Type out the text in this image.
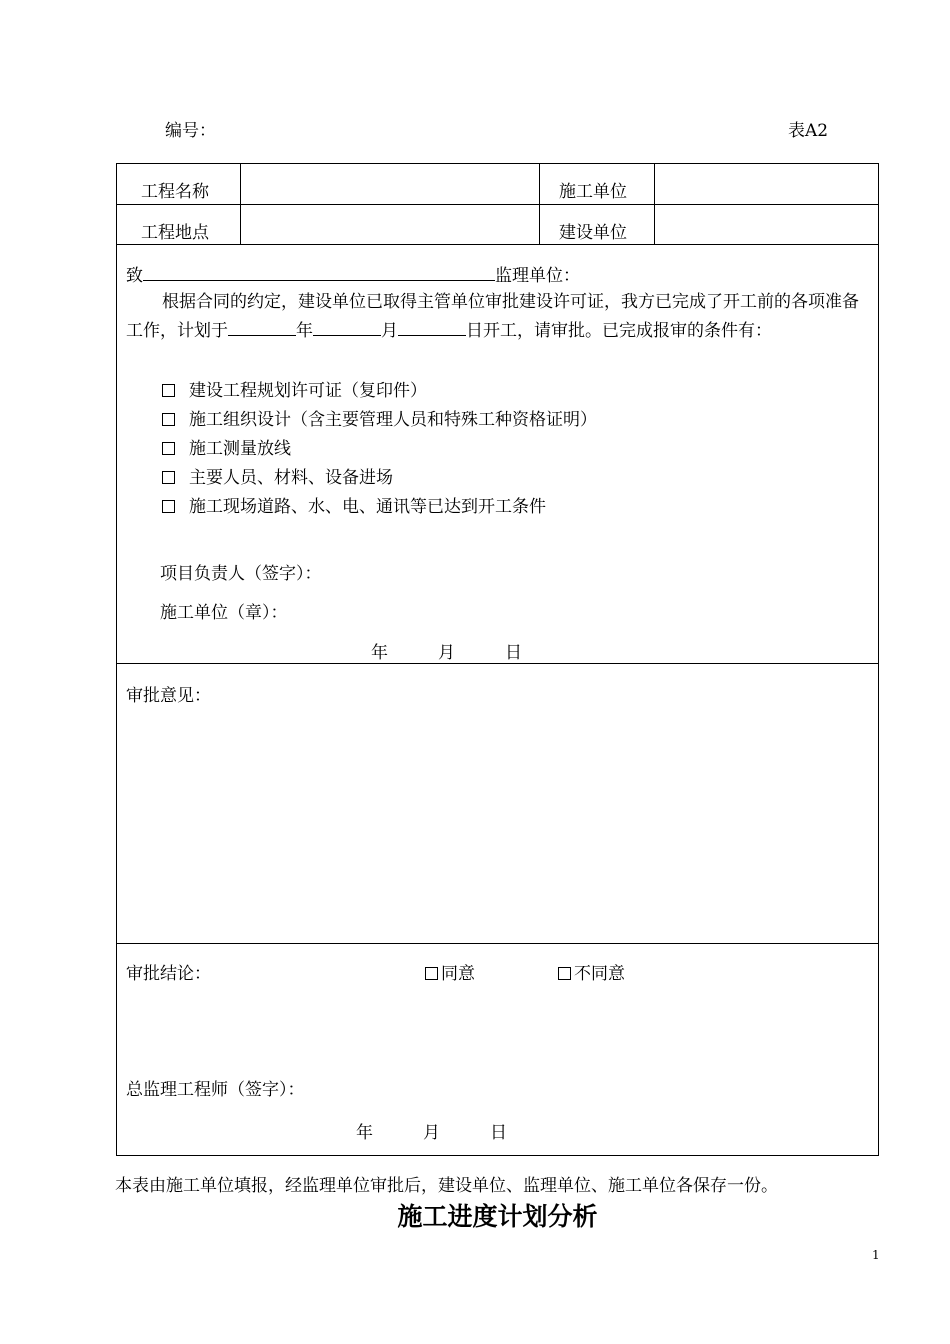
编号：	表A2
工程名称	施工单位
工程地点	建设单位
致	监理单位：
根据合同的约定，建设单位已取得主管单位审批建设许可证，我方已完成了开工前的各项准备工作，计划于	年	月	日开工，请审批。已完成报审的条件有：
建设工程规划许可证（复印件）
施工组织设计（含主要管理人员和特殊工种资格证明）
施工测量放线
主要人员、材料、设备进场
施工现场道路、水、电、通讯等已达到开工条件
项目负责人（签字）：
施工单位（章）：
年	月	日
审批意见：
审批结论：	同意	不同意
总监理工程师（签字）：
年	月	日
本表由施工单位填报，经监理单位审批后，建设单位、监理单位、施工单位各保存一份。
施工进度计划分析
1
